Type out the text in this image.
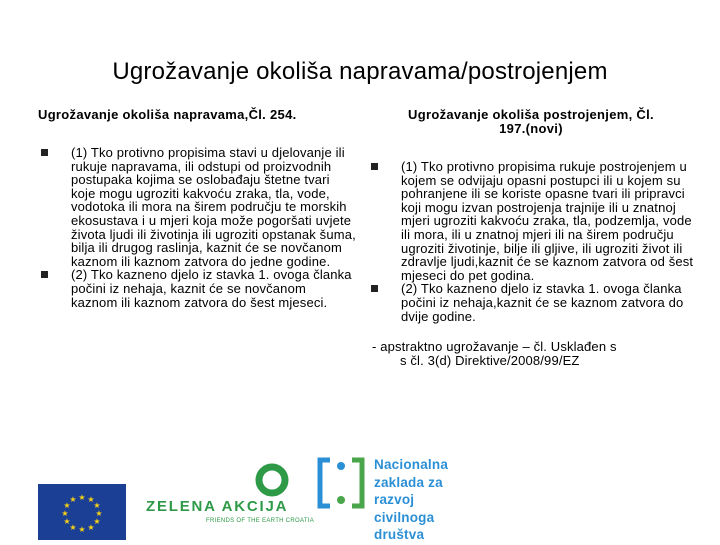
Ugrožavanje okoliša napravama/postrojenjem
Ugrožavanje okoliša napravama,Čl. 254.
(1) Tko protivno propisima stavi u djelovanje ili rukuje napravama, ili odstupi od proizvodnih postupaka kojima se oslobađaju štetne tvari koje mogu ugroziti kakvoću zraka, tla, vode, vodotoka ili mora na širem području te morskih ekosustava i u mjeri koja može pogoršati uvjete života ljudi ili životinja ili ugroziti opstanak šuma, bilja ili drugog raslinja, kaznit će se novčanom kaznom ili kaznom zatvora do jedne godine.
(2) Tko kazneno djelo iz stavka 1. ovoga članka počini iz nehaja, kaznit će se novčanom kaznom ili kaznom zatvora do šest mjeseci.
Ugrožavanje okoliša postrojenjem, Čl.
197.(novi)
(1) Tko protivno propisima rukuje postrojenjem u kojem se odvijaju opasni postupci ili u kojem su pohranjene ili se koriste opasne tvari ili pripravci koji mogu izvan postrojenja trajnije ili u znatnoj mjeri ugroziti kakvoću zraka, tla, podzemlja, vode ili mora, ili u znatnoj mjeri ili na širem području ugroziti životinje, bilje ili gljive, ili ugroziti život ili zdravlje ljudi,kaznit će se kaznom zatvora od šest mjeseci do pet godina.
(2) Tko kazneno djelo iz stavka 1. ovoga članka počini iz nehaja,kaznit će se kaznom zatvora do dvije godine.
- apstraktno ugrožavanje – čl. Usklađen s
s čl. 3(d) Direktive/2008/99/EZ
★ ★
★
★
★
★
★
★
★
★
★
★	ZELENA AKCIJA
FRIENDS OF THE EARTH CROATIA
Nacionalna
zaklada za
razvoj
civilnoga
društva
